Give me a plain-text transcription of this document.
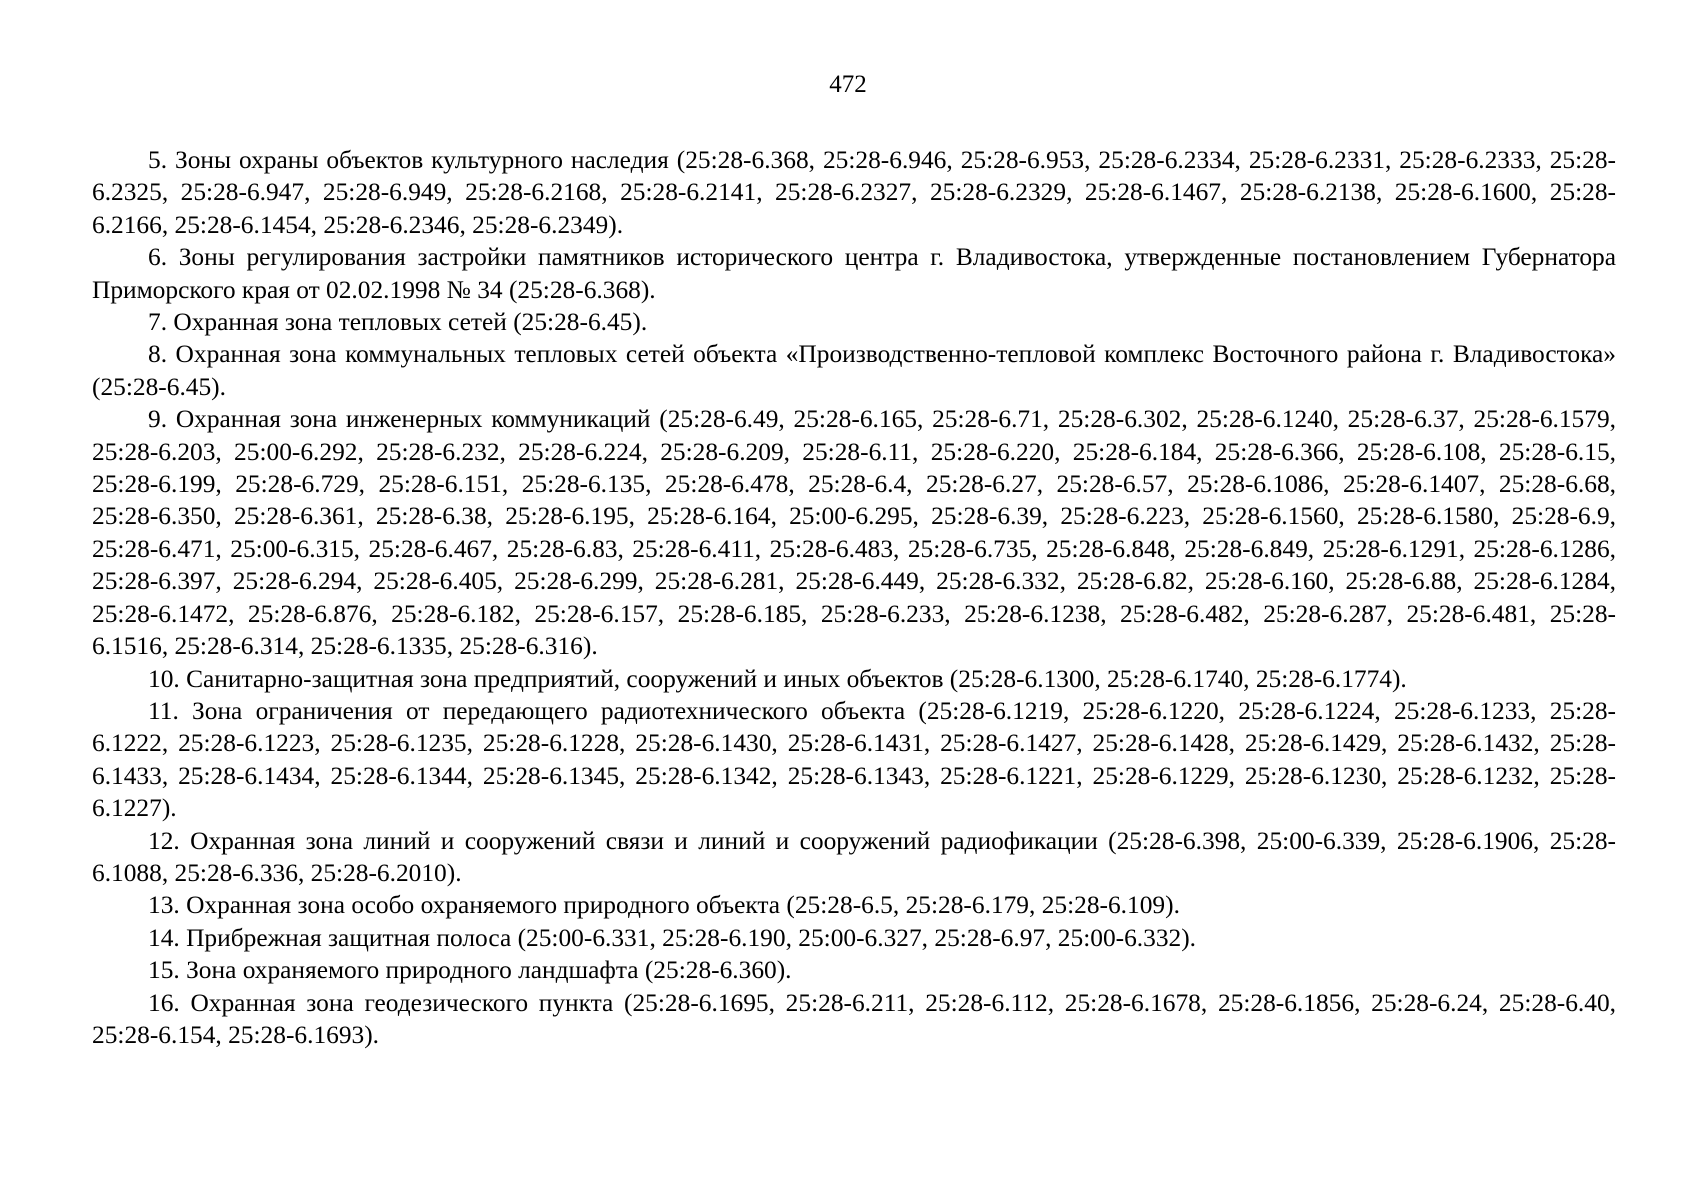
472

5. Зоны охраны объектов культурного наследия (25:28-6.368, 25:28-6.946, 25:28-6.953, 25:28-6.2334, 25:28-6.2331, 25:28-6.2333, 25:28-6.2325, 25:28-6.947, 25:28-6.949, 25:28-6.2168, 25:28-6.2141, 25:28-6.2327, 25:28-6.2329, 25:28-6.1467, 25:28-6.2138, 25:28-6.1600, 25:28-6.2166, 25:28-6.1454, 25:28-6.2346, 25:28-6.2349).

6. Зоны регулирования застройки памятников исторического центра г. Владивостока, утвержденные постановлением Губернатора Приморского края от 02.02.1998 № 34 (25:28-6.368).

7. Охранная зона тепловых сетей (25:28-6.45).

8. Охранная зона коммунальных тепловых сетей объекта «Производственно-тепловой комплекс Восточного района г. Владивостока» (25:28-6.45).

9. Охранная зона инженерных коммуникаций (25:28-6.49, 25:28-6.165, 25:28-6.71, 25:28-6.302, 25:28-6.1240, 25:28-6.37, 25:28-6.1579, 25:28-6.203, 25:00-6.292, 25:28-6.232, 25:28-6.224, 25:28-6.209, 25:28-6.11, 25:28-6.220, 25:28-6.184, 25:28-6.366, 25:28-6.108, 25:28-6.15, 25:28-6.199, 25:28-6.729, 25:28-6.151, 25:28-6.135, 25:28-6.478, 25:28-6.4, 25:28-6.27, 25:28-6.57, 25:28-6.1086, 25:28-6.1407, 25:28-6.68, 25:28-6.350, 25:28-6.361, 25:28-6.38, 25:28-6.195, 25:28-6.164, 25:00-6.295, 25:28-6.39, 25:28-6.223, 25:28-6.1560, 25:28-6.1580, 25:28-6.9, 25:28-6.471, 25:00-6.315, 25:28-6.467, 25:28-6.83, 25:28-6.411, 25:28-6.483, 25:28-6.735, 25:28-6.848, 25:28-6.849, 25:28-6.1291, 25:28-6.1286, 25:28-6.397, 25:28-6.294, 25:28-6.405, 25:28-6.299, 25:28-6.281, 25:28-6.449, 25:28-6.332, 25:28-6.82, 25:28-6.160, 25:28-6.88, 25:28-6.1284, 25:28-6.1472, 25:28-6.876, 25:28-6.182, 25:28-6.157, 25:28-6.185, 25:28-6.233, 25:28-6.1238, 25:28-6.482, 25:28-6.287, 25:28-6.481, 25:28-6.1516, 25:28-6.314, 25:28-6.1335, 25:28-6.316).

10. Санитарно-защитная зона предприятий, сооружений и иных объектов (25:28-6.1300, 25:28-6.1740, 25:28-6.1774).

11. Зона ограничения от передающего радиотехнического объекта (25:28-6.1219, 25:28-6.1220, 25:28-6.1224, 25:28-6.1233, 25:28-6.1222, 25:28-6.1223, 25:28-6.1235, 25:28-6.1228, 25:28-6.1430, 25:28-6.1431, 25:28-6.1427, 25:28-6.1428, 25:28-6.1429, 25:28-6.1432, 25:28-6.1433, 25:28-6.1434, 25:28-6.1344, 25:28-6.1345, 25:28-6.1342, 25:28-6.1343, 25:28-6.1221, 25:28-6.1229, 25:28-6.1230, 25:28-6.1232, 25:28-6.1227).

12. Охранная зона линий и сооружений связи и линий и сооружений радиофикации (25:28-6.398, 25:00-6.339, 25:28-6.1906, 25:28-6.1088, 25:28-6.336, 25:28-6.2010).

13. Охранная зона особо охраняемого природного объекта (25:28-6.5, 25:28-6.179, 25:28-6.109).

14. Прибрежная защитная полоса (25:00-6.331, 25:28-6.190, 25:00-6.327, 25:28-6.97, 25:00-6.332).

15. Зона охраняемого природного ландшафта (25:28-6.360).

16. Охранная зона геодезического пункта (25:28-6.1695, 25:28-6.211, 25:28-6.112, 25:28-6.1678, 25:28-6.1856, 25:28-6.24, 25:28-6.40, 25:28-6.154, 25:28-6.1693).
